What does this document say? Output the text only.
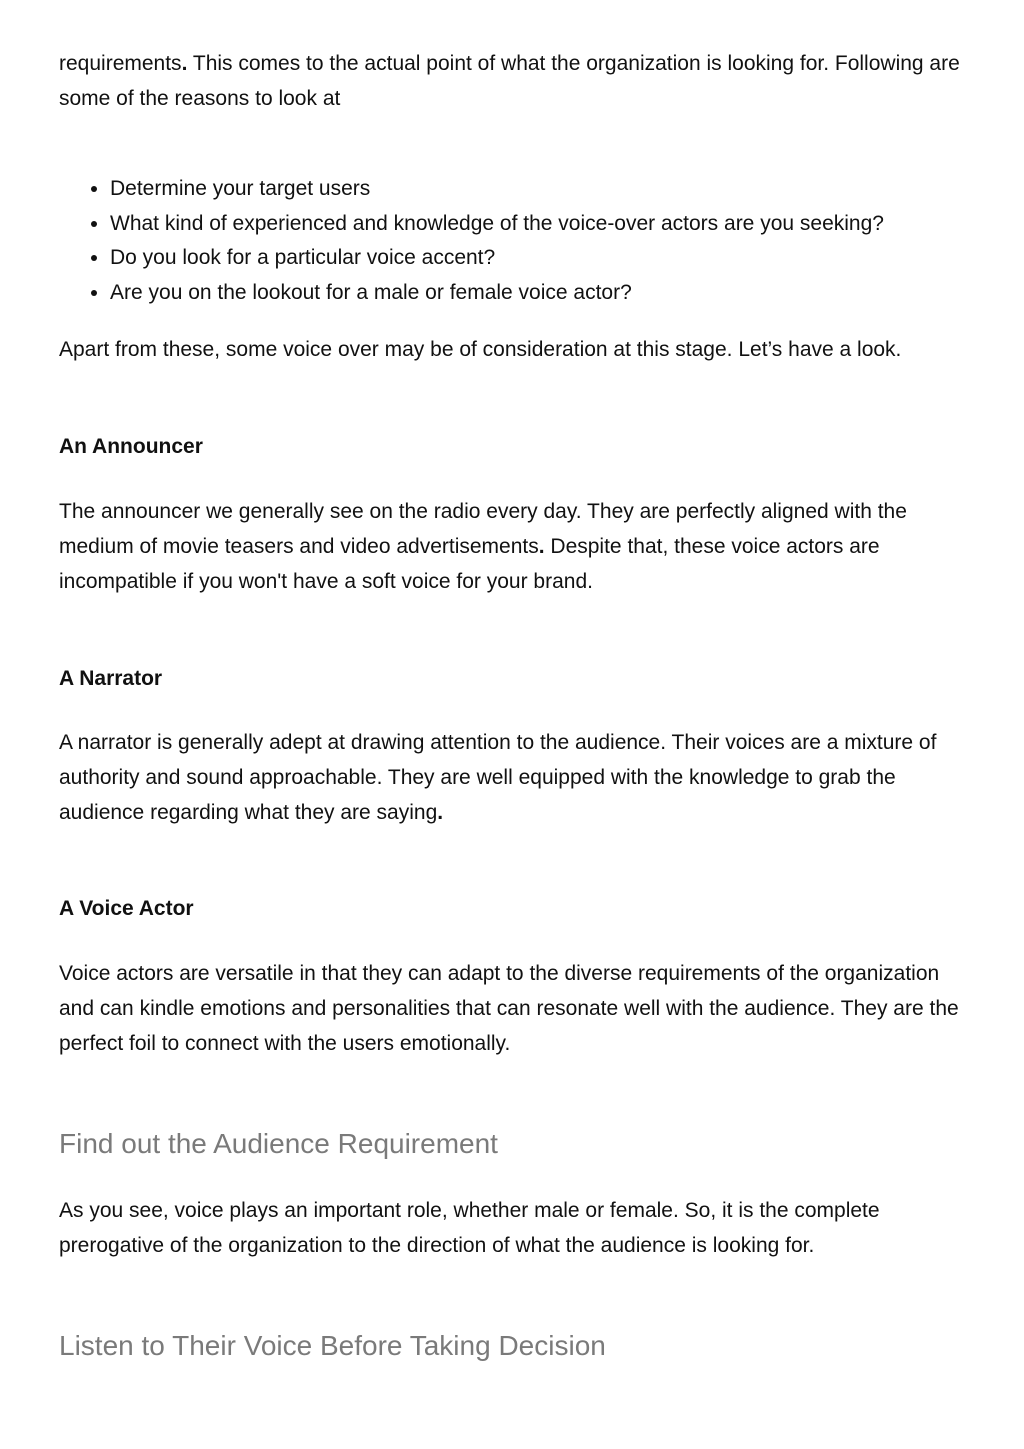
requirements. This comes to the actual point of what the organization is looking for. Following are some of the reasons to look at

• Determine your target users
• What kind of experienced and knowledge of the voice-over actors are you seeking?
• Do you look for a particular voice accent?
• Are you on the lookout for a male or female voice actor?

Apart from these, some voice over may be of consideration at this stage. Let’s have a look.

An Announcer

The announcer we generally see on the radio every day. They are perfectly aligned with the medium of movie teasers and video advertisements. Despite that, these voice actors are incompatible if you won't have a soft voice for your brand.

A Narrator

A narrator is generally adept at drawing attention to the audience. Their voices are a mixture of authority and sound approachable. They are well equipped with the knowledge to grab the audience regarding what they are saying.

A Voice Actor

Voice actors are versatile in that they can adapt to the diverse requirements of the organization and can kindle emotions and personalities that can resonate well with the audience. They are the perfect foil to connect with the users emotionally.

Find out the Audience Requirement

As you see, voice plays an important role, whether male or female. So, it is the complete prerogative of the organization to the direction of what the audience is looking for.

Listen to Their Voice Before Taking Decision
